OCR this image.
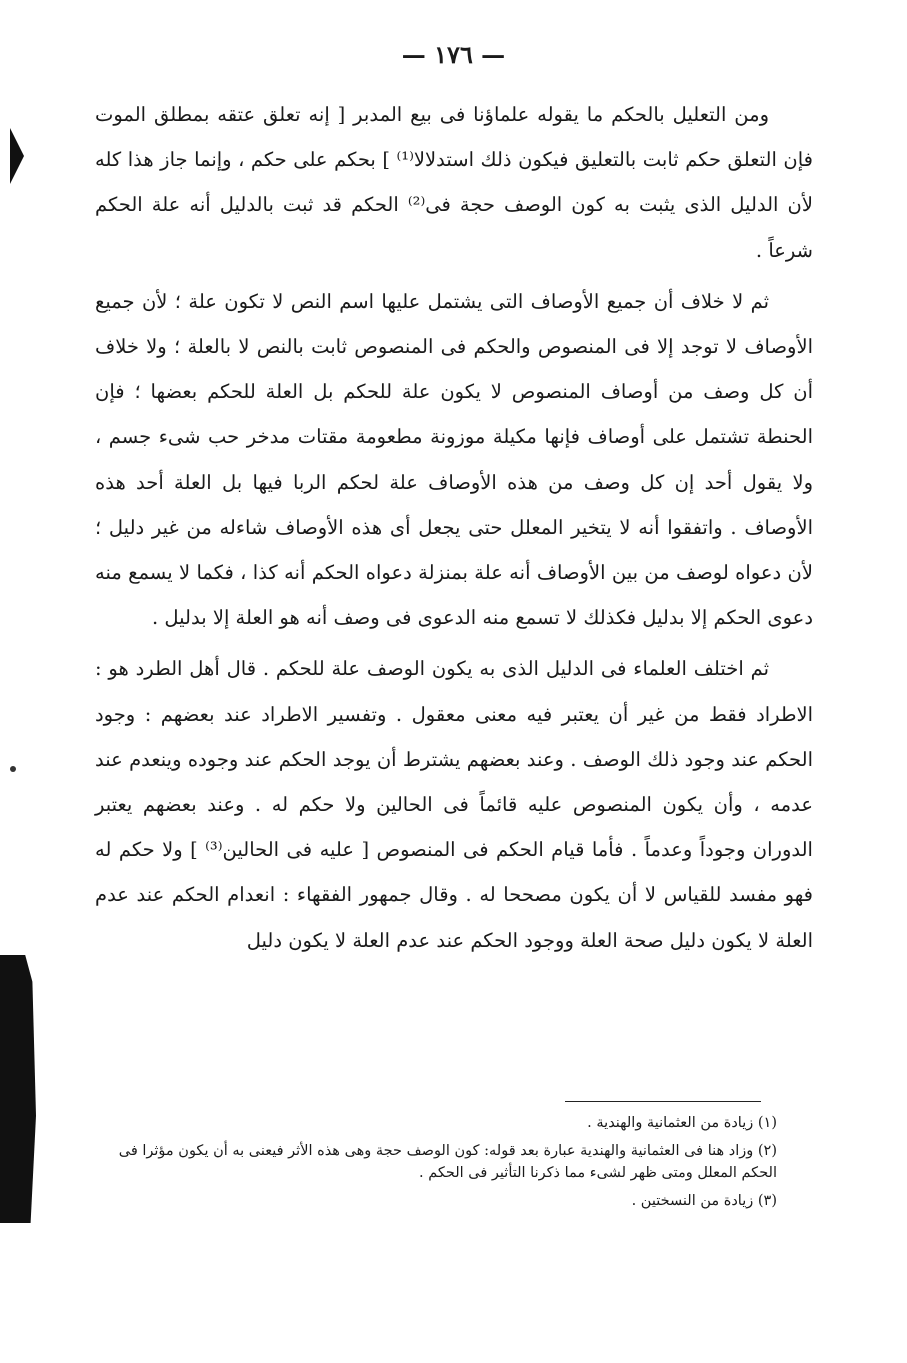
— ١٧٦ —

ومن التعليل بالحكم ما يقوله علماؤنا فى بيع المدبر [ إنه تعلق عتقه بمطلق الموت فإن التعلق حكم ثابت بالتعليق فيكون ذلك استدلالا⁽¹⁾ ] بحكم على حكم ، وإنما جاز هذا كله لأن الدليل الذى يثبت به كون الوصف حجة فى⁽²⁾ الحكم قد ثبت بالدليل أنه علة الحكم شرعاً .

ثم لا خلاف أن جميع الأوصاف التى يشتمل عليها اسم النص لا تكون علة ؛ لأن جميع الأوصاف لا توجد إلا فى المنصوص والحكم فى المنصوص ثابت بالنص لا بالعلة ؛ ولا خلاف أن كل وصف من أوصاف المنصوص لا يكون علة للحكم بل العلة للحكم بعضها ؛ فإن الحنطة تشتمل على أوصاف فإنها مكيلة موزونة مطعومة مقتات مدخر حب شىء جسم ، ولا يقول أحد إن كل وصف من هذه الأوصاف علة لحكم الربا فيها بل العلة أحد هذه الأوصاف . واتفقوا أنه لا يتخير المعلل حتى يجعل أى هذه الأوصاف شاءله من غير دليل ؛ لأن دعواه لوصف من بين الأوصاف أنه علة بمنزلة دعواه الحكم أنه كذا ، فكما لا يسمع منه دعوى الحكم إلا بدليل فكذلك لا تسمع منه الدعوى فى وصف أنه هو العلة إلا بدليل .

ثم اختلف العلماء فى الدليل الذى به يكون الوصف علة للحكم . قال أهل الطرد هو : الاطراد فقط من غير أن يعتبر فيه معنى معقول . وتفسير الاطراد عند بعضهم : وجود الحكم عند وجود ذلك الوصف . وعند بعضهم يشترط أن يوجد الحكم عند وجوده وينعدم عند عدمه ، وأن يكون المنصوص عليه قائماً فى الحالين ولا حكم له . وعند بعضهم يعتبر الدوران وجوداً وعدماً . فأما قيام الحكم فى المنصوص [ عليه فى الحالين⁽³⁾ ] ولا حكم له فهو مفسد للقياس لا أن يكون مصححا له . وقال جمهور الفقهاء : انعدام الحكم عند عدم العلة لا يكون دليل صحة العلة ووجود الحكم عند عدم العلة لا يكون دليل

(١) زيادة من العثمانية والهندية .

(٢) وزاد هنا فى العثمانية والهندية عبارة بعد قوله: كون الوصف حجة وهى هذه الأثر فيعنى به أن يكون مؤثرا فى الحكم المعلل ومتى ظهر لشىء مما ذكرنا التأثير فى الحكم .

(٣) زيادة من النسختين .
